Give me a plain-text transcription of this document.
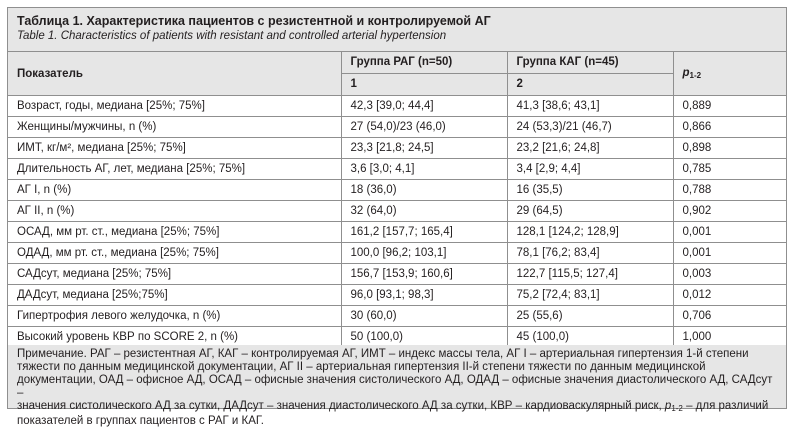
Таблица 1. Характеристика пациентов с резистентной и контролируемой АГ
Table 1. Characteristics of patients with resistant and controlled arterial hypertension
Показатель	Группа РАГ (n=50)	Группа КАГ (n=45)	$p_{1-2}$
	1	2	
Возраст, годы, медиана [25%; 75%]	42,3 [39,0; 44,4]	41,3 [38,6; 43,1]	0,889
Женщины/мужчины, n (%)	27 (54,0)/23 (46,0)	24 (53,3)/21 (46,7)	0,866
ИМТ, кг/м², медиана [25%; 75%]	23,3 [21,8; 24,5]	23,2 [21,6; 24,8]	0,898
Длительность АГ, лет, медиана [25%; 75%]	3,6 [3,0; 4,1]	3,4 [2,9; 4,4]	0,785
АГ I, n (%)	18 (36,0)	16 (35,5)	0,788
АГ II, n (%)	32 (64,0)	29 (64,5)	0,902
ОСАД, мм рт. ст., медиана [25%; 75%]	161,2 [157,7; 165,4]	128,1 [124,2; 128,9]	0,001
ОДАД, мм рт. ст., медиана [25%; 75%]	100,0 [96,2; 103,1]	78,1 [76,2; 83,4]	0,001
САДсут, медиана [25%; 75%]	156,7 [153,9; 160,6]	122,7 [115,5; 127,4]	0,003
ДАДсут, медиана [25%;75%]	96,0 [93,1; 98,3]	75,2 [72,4; 83,1]	0,012
Гипертрофия левого желудочка, n (%)	30 (60,0)	25 (55,6)	0,706
Высокий уровень КВР по SCORE 2, n (%)	50 (100,0)	45 (100,0)	1,000
Примечание. РАГ – резистентная АГ, КАГ – контролируемая АГ, ИМТ – индекс массы тела, АГ I – артериальная гипертензия 1-й степени
тяжести по данным медицинской документации, АГ II – артериальная гипертензия II-й степени тяжести по данным медицинской
документации, ОАД – офисное АД, ОСАД – офисные значения систолического АД, ОДАД – офисные значения диастолического АД, САДсут –
значения систолического АД за сутки, ДАДсут – значения диастолического АД за сутки, КВР – кардиоваскулярный риск, $p_{1-2}$ – для различий
показателей в группах пациентов с РАГ и КАГ.
